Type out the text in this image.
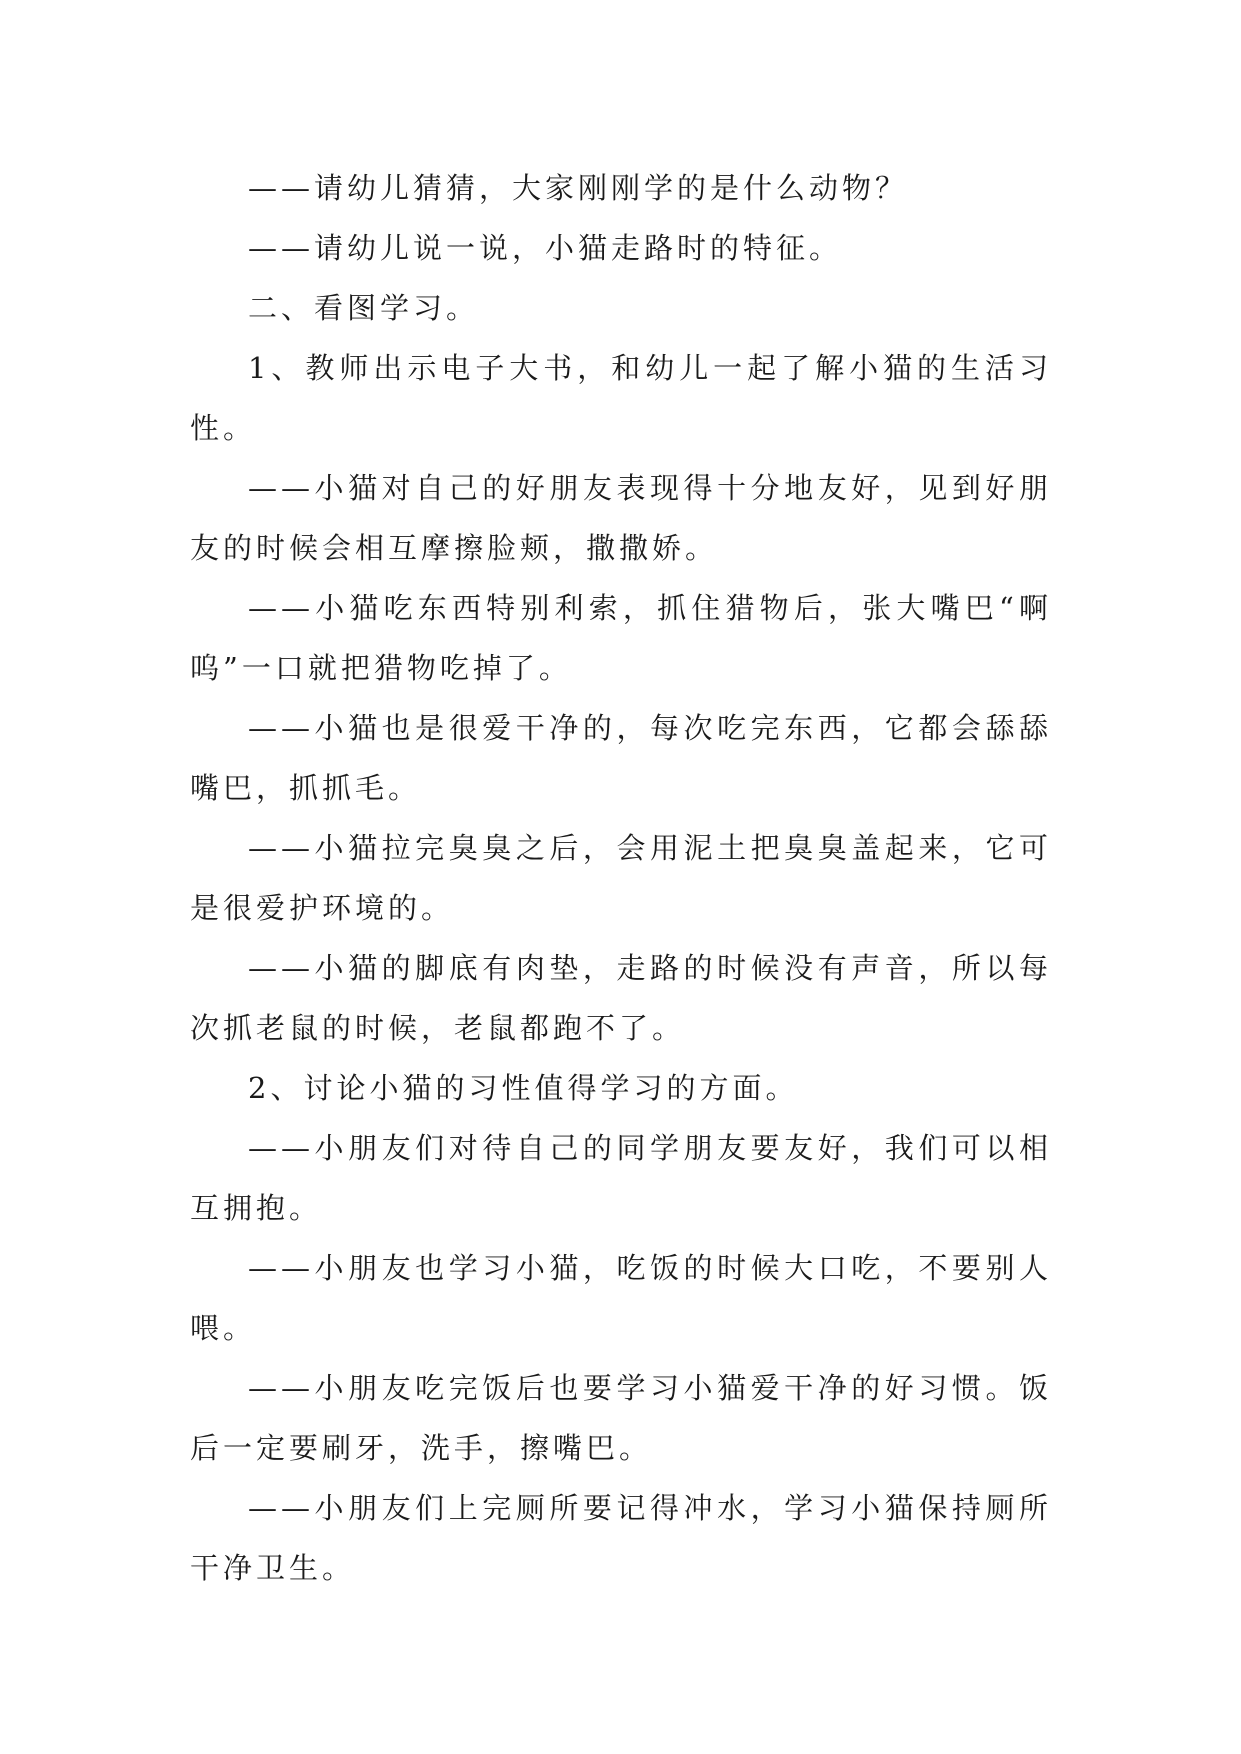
——请幼儿猜猜，大家刚刚学的是什么动物？

——请幼儿说一说，小猫走路时的特征。

二、看图学习。

1、教师出示电子大书，和幼儿一起了解小猫的生活习性。

——小猫对自己的好朋友表现得十分地友好，见到好朋友的时候会相互摩擦脸颊，撒撒娇。

——小猫吃东西特别利索，抓住猎物后，张大嘴巴“啊呜”一口就把猎物吃掉了。

——小猫也是很爱干净的，每次吃完东西，它都会舔舔嘴巴，抓抓毛。

——小猫拉完臭臭之后，会用泥土把臭臭盖起来，它可是很爱护环境的。

——小猫的脚底有肉垫，走路的时候没有声音，所以每次抓老鼠的时候，老鼠都跑不了。

2、讨论小猫的习性值得学习的方面。

——小朋友们对待自己的同学朋友要友好，我们可以相互拥抱。

——小朋友也学习小猫，吃饭的时候大口吃，不要别人喂。

——小朋友吃完饭后也要学习小猫爱干净的好习惯。饭后一定要刷牙，洗手，擦嘴巴。

——小朋友们上完厕所要记得冲水，学习小猫保持厕所干净卫生。
